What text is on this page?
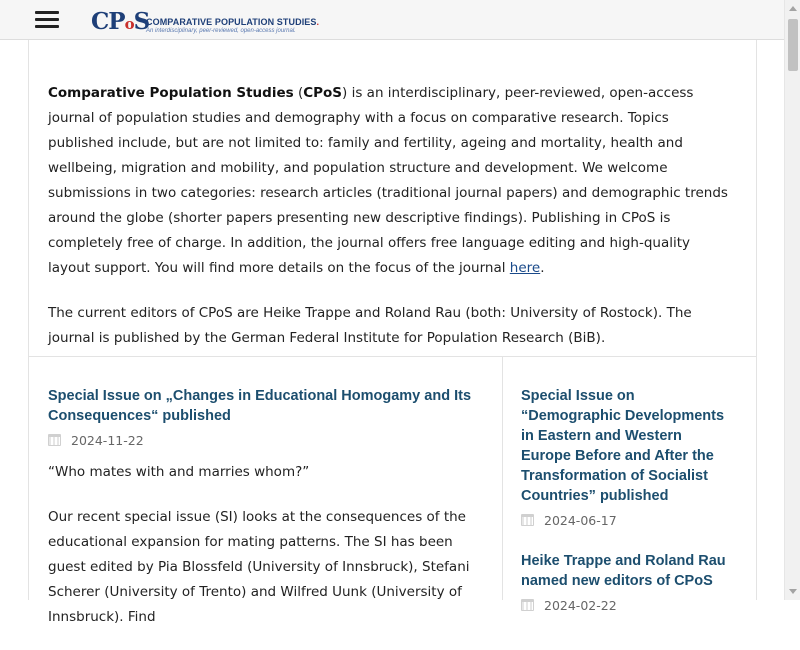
CPoS
COMPARATIVE POPULATION STUDIES.
An interdisciplinary, peer-reviewed, open-access journal.

Comparative Population Studies (CPoS) is an interdisciplinary, peer-reviewed, open-access journal of population studies and demography with a focus on comparative research. Topics published include, but are not limited to: family and fertility, ageing and mortality, health and wellbeing, migration and mobility, and population structure and development. We welcome submissions in two categories: research articles (traditional journal papers) and demographic trends around the globe (shorter papers presenting new descriptive findings). Publishing in CPoS is completely free of charge. In addition, the journal offers free language editing and high-quality layout support. You will find more details on the focus of the journal here.

The current editors of CPoS are Heike Trappe and Roland Rau (both: University of Rostock). The journal is published by the German Federal Institute for Population Research (BiB).

Special Issue on „Changes in Educational Homogamy and Its Consequences“ published
2024-11-22

“Who mates with and marries whom?”

Our recent special issue (SI) looks at the consequences of the educational expansion for mating patterns. The SI has been guest edited by Pia Blossfeld (University of Innsbruck), Stefani Scherer (University of Trento) and Wilfred Uunk (University of Innsbruck). Find

Special Issue on “Demographic Developments in Eastern and Western Europe Before and After the Transformation of Socialist Countries” published
2024-06-17
Heike Trappe and Roland Rau named new editors of CPoS
2024-02-22
